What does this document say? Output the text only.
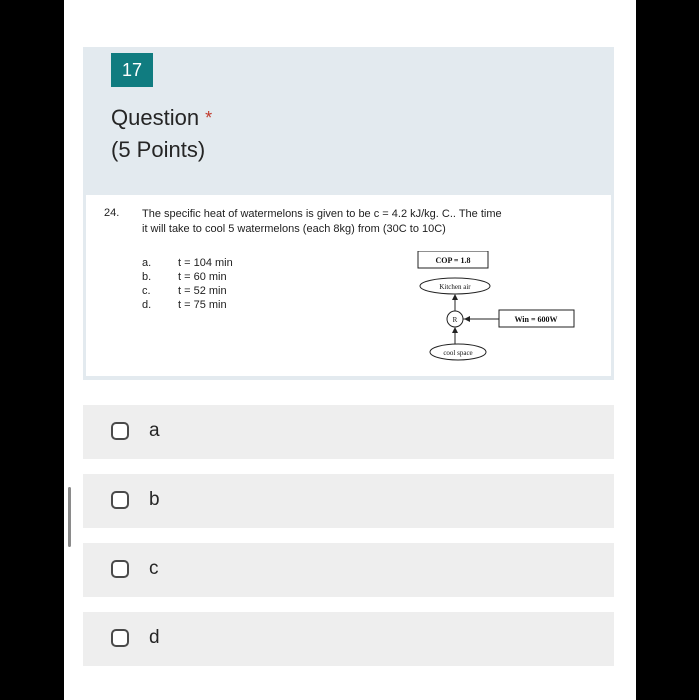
17
Question *
(5 Points)
24. The specific heat of watermelons is given to be c = 4.2 kJ/kg. C.. The time
it will take to cool 5 watermelons (each 8kg) from (30C to 10C)
a. t = 104 min
b. t = 60 min
c. t = 52 min
d. t = 75 min
COP = 1.8
Kitchen air
R	Win = 600W
cool space
a
b
c
d
